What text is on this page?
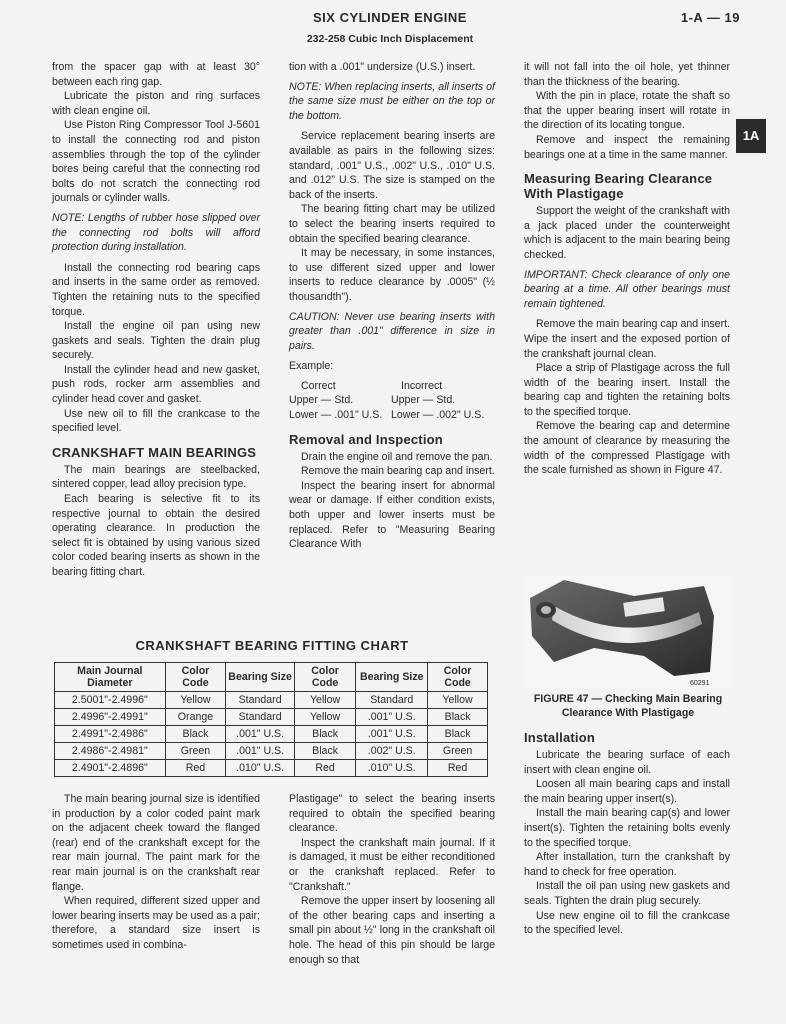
SIX CYLINDER ENGINE
232-258 Cubic Inch Displacement
1-A — 19
1A

from the spacer gap with at least 30° between each ring gap.

Lubricate the piston and ring surfaces with clean engine oil.

Use Piston Ring Compressor Tool J-5601 to install the connecting rod and piston assemblies through the top of the cylinder bores being careful that the connecting rod bolts do not scratch the connecting rod journals or cylinder walls.

NOTE: Lengths of rubber hose slipped over the connecting rod bolts will afford protection during installation.

Install the connecting rod bearing caps and inserts in the same order as removed. Tighten the retaining nuts to the specified torque.

Install the engine oil pan using new gaskets and seals. Tighten the drain plug securely.

Install the cylinder head and new gasket, push rods, rocker arm assemblies and cylinder head cover and gasket.

Use new oil to fill the crankcase to the specified level.

CRANKSHAFT MAIN BEARINGS

The main bearings are steelbacked, sintered copper, lead alloy precision type.

Each bearing is selective fit to its respective journal to obtain the desired operating clearance. In production the select fit is obtained by using various sized color coded bearing inserts as shown in the bearing fitting chart.

tion with a .001" undersize (U.S.) insert.

NOTE: When replacing inserts, all inserts of the same size must be either on the top or the bottom.

Service replacement bearing inserts are available as pairs in the following sizes: standard, .001" U.S., .002" U.S., .010" U.S. and .012" U.S. The size is stamped on the back of the inserts.

The bearing fitting chart may be utilized to select the bearing inserts required to obtain the specified bearing clearance.

It may be necessary, in some instances, to use different sized upper and lower inserts to reduce clearance by .0005" (½ thousandth").

CAUTION: Never use bearing inserts with greater than .001" difference in size in pairs.

Example:

Correct	Incorrect
Upper — Std.	Upper — Std.
Lower — .001" U.S. Lower — .002" U.S.
Removal and Inspection

Drain the engine oil and remove the pan.

Remove the main bearing cap and insert.

Inspect the bearing insert for abnormal wear or damage. If either condition exists, both upper and lower inserts must be replaced. Refer to "Measuring Bearing Clearance With

it will not fall into the oil hole, yet thinner than the thickness of the bearing.

With the pin in place, rotate the shaft so that the upper bearing insert will rotate in the direction of its locating tongue.

Remove and inspect the remaining bearings one at a time in the same manner.

Measuring Bearing Clearance With Plastigage

Support the weight of the crankshaft with a jack placed under the counterweight which is adjacent to the main bearing being checked.

IMPORTANT: Check clearance of only one bearing at a time. All other bearings must remain tightened.

Remove the main bearing cap and insert. Wipe the insert and the exposed portion of the crankshaft journal clean.

Place a strip of Plastigage across the full width of the bearing insert. Install the bearing cap and tighten the retaining bolts to the specified torque.

Remove the bearing cap and determine the amount of clearance by measuring the width of the compressed Plastigage with the scale furnished as shown in Figure 47.

60291
FIGURE 47 — Checking Main Bearing Clearance With Plastigage
Installation

Lubricate the bearing surface of each insert with clean engine oil.

Loosen all main bearing caps and install the main bearing upper insert(s).

Install the main bearing cap(s) and lower insert(s). Tighten the retaining bolts evenly to the specified torque.

After installation, turn the crankshaft by hand to check for free operation.

Install the oil pan using new gaskets and seals. Tighten the drain plug securely.

Use new engine oil to fill the crankcase to the specified level.

CRANKSHAFT BEARING FITTING CHART
Main Journal Diameter	Color Code	Bearing Size	Color Code	Bearing Size	Color Code
2.5001"-2.4996"	Yellow	Standard	Yellow	Standard	Yellow
2.4996"-2.4991"	Orange	Standard	Yellow	.001" U.S.	Black
2.4991"-2.4986"	Black	.001" U.S.	Black	.001" U.S.	Black
2.4986"-2.4981"	Green	.001" U.S.	Black	.002" U.S.	Green
2.4901"-2.4896"	Red	.010" U.S.	Red	.010" U.S.	Red

The main bearing journal size is identified in production by a color coded paint mark on the adjacent cheek toward the flanged (rear) end of the crankshaft except for the rear main journal. The paint mark for the rear main journal is on the crankshaft rear flange.

When required, different sized upper and lower bearing inserts may be used as a pair; therefore, a standard size insert is sometimes used in combina-

Plastigage" to select the bearing inserts required to obtain the specified bearing clearance.

Inspect the crankshaft main journal. If it is damaged, it must be either reconditioned or the crankshaft replaced. Refer to "Crankshaft."

Remove the upper insert by loosening all of the other bearing caps and inserting a small pin about ½" long in the crankshaft oil hole. The head of this pin should be large enough so that
